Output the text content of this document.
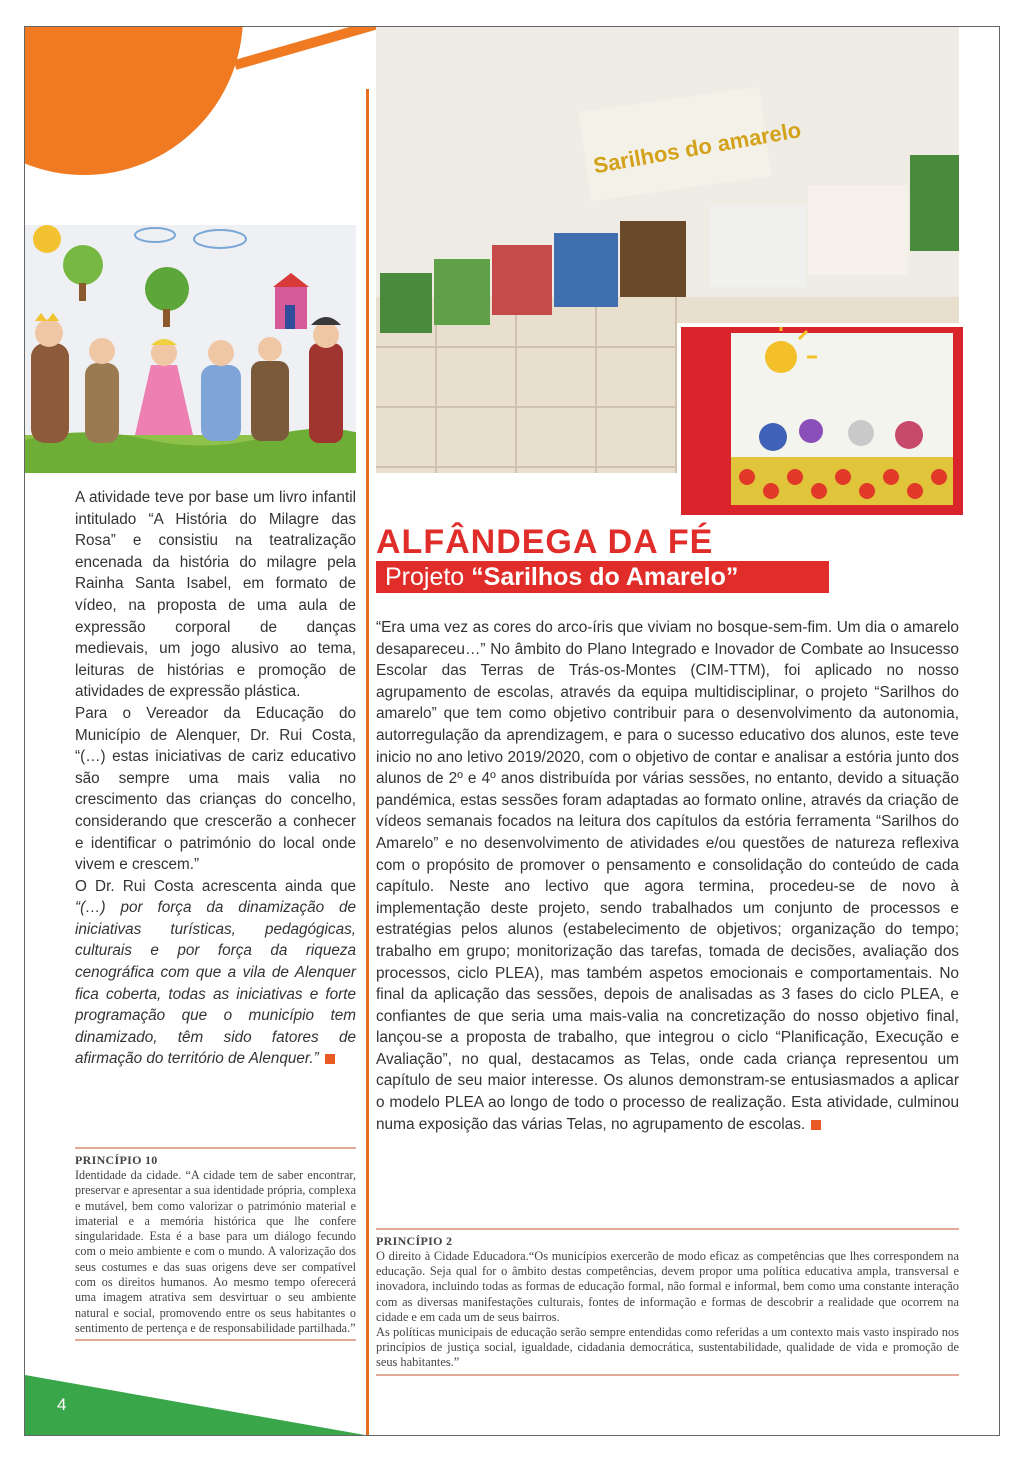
Sarilhos do amarelo

A atividade teve por base um livro infantil intitulado “A História do Milagre das Rosa” e consistiu na teatralização encenada da história do milagre pela Rainha Santa Isabel, em formato de vídeo, na proposta de uma aula de expressão corporal de danças medievais, um jogo alusivo ao tema, leituras de histórias e promoção de atividades de expressão plástica.

Para o Vereador da Educação do Município de Alenquer, Dr. Rui Costa, “(…) estas iniciativas de cariz educativo são sempre uma mais valia no crescimento das crianças do concelho, considerando que crescerão a conhecer e identificar o património do local onde vivem e crescem.”

O Dr. Rui Costa acrescenta ainda que “(…) por força da dinamização de iniciativas turísticas, pedagógicas, culturais e por força da riqueza cenográfica com que a vila de Alenquer fica coberta, todas as iniciativas e forte programação que o município tem dinamizado, têm sido fatores de afirmação do território de Alenquer.”

PRINCÍPIO 10
Identidade da cidade. “A cidade tem de saber encontrar, preservar e apresentar a sua identidade própria, complexa e mutável, bem como valorizar o património material e imaterial e a memória histórica que lhe confere singularidade. Esta é a base para um diálogo fecundo com o meio ambiente e com o mundo. A valorização dos seus costumes e das suas origens deve ser compatível com os direitos humanos. Ao mesmo tempo oferecerá uma imagem atrativa sem desvirtuar o seu ambiente natural e social, promovendo entre os seus habitantes o sentimento de pertença e de responsabilidade partilhada.”
ALFÂNDEGA DA FÉ
Projeto “Sarilhos do Amarelo”

“Era uma vez as cores do arco-íris que viviam no bosque-sem-fim. Um dia o amarelo desapareceu…” No âmbito do Plano Integrado e Inovador de Combate ao Insucesso Escolar das Terras de Trás-os-Montes (CIM-TTM), foi aplicado no nosso agrupamento de escolas, através da equipa multidisciplinar, o projeto “Sarilhos do amarelo” que tem como objetivo contribuir para o desenvolvimento da autonomia, autorregulação da aprendizagem, e para o sucesso educativo dos alunos, este teve inicio no ano letivo 2019/2020, com o objetivo de contar e analisar a estória junto dos alunos de 2º e 4º anos distribuída por várias sessões, no entanto, devido a situação pandémica, estas sessões foram adaptadas ao formato online, através da criação de vídeos semanais focados na leitura dos capítulos da estória ferramenta “Sarilhos do Amarelo” e no desenvolvimento de atividades e/ou questões de natureza reflexiva com o propósito de promover o pensamento e consolidação do conteúdo de cada capítulo. Neste ano lectivo que agora termina, procedeu-se de novo à implementação deste projeto, sendo trabalhados um conjunto de processos e estratégias pelos alunos (estabelecimento de objetivos; organização do tempo; trabalho em grupo; monitorização das tarefas, tomada de decisões, avaliação dos processos, ciclo PLEA), mas também aspetos emocionais e comportamentais. No final da aplicação das sessões, depois de analisadas as 3 fases do ciclo PLEA, e confiantes de que seria uma mais-valia na concretização do nosso objetivo final, lançou-se a proposta de trabalho, que integrou o ciclo “Planificação, Execução e Avaliação”, no qual, destacamos as Telas, onde cada criança representou um capítulo de seu maior interesse. Os alunos demonstram-se entusiasmados a aplicar o modelo PLEA ao longo de todo o processo de realização. Esta atividade, culminou numa exposição das várias Telas, no agrupamento de escolas.

PRINCÍPIO 2
O direito à Cidade Educadora.“Os municípios exercerão de modo eficaz as competências que lhes correspondem na educação. Seja qual for o âmbito destas competências, devem propor uma política educativa ampla, transversal e inovadora, incluindo todas as formas de educação formal, não formal e informal, bem como uma constante interação com as diversas manifestações culturais, fontes de informação e formas de descobrir a realidade que ocorrem na cidade e em cada um de seus bairros.
As políticas municipais de educação serão sempre entendidas como referidas a um contexto mais vasto inspirado nos princípios de justiça social, igualdade, cidadania democrática, sustentabilidade, qualidade de vida e promoção de seus habitantes.”
4
